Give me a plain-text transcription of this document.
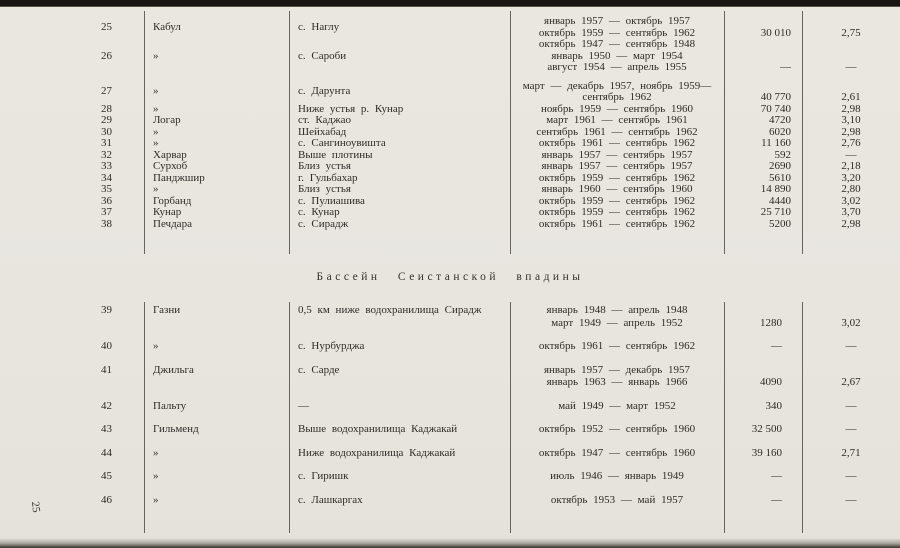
25	Кабул	с. Наглу	январь 1957 — октябрь 1957
октябрь 1959 — сентябрь 1962	30 010	2,75
26	»	с. Сароби
октябрь 1947 — сентябрь 1948
январь 1950 — март 1954
август 1954 — апрель 1955	—	—
27	»	с. Дарунта	март — декабрь 1957, ноябрь 1959—
сентябрь 1962	40 770	2,61
28	»	Ниже устья р. Кунар	ноябрь 1959 — сентябрь 1960	70 740	2,98
29	Логар	ст. Каджао	март 1961 — сентябрь 1961	4720	3,10
30	»	Шейхабад	сентябрь 1961 — сентябрь 1962	6020	2,98
31	»	с. Сангиноувишта	октябрь 1961 — сентябрь 1962	11 160	2,76
32	Харвар	Выше плотины	январь 1957 — сентябрь 1957	592	—
33	Сурхоб	Близ устья	январь 1957 — сентябрь 1957	2690	2,18
34	Панджшир	г. Гульбахар	октябрь 1959 — сентябрь 1962	5610	3,20
35	»	Близ устья	январь 1960 — сентябрь 1960	14 890	2,80
36	Горбанд	с. Пулиашива	октябрь 1959 — сентябрь 1962	4440	3,02
37	Кунар	с. Кунар	октябрь 1959 — сентябрь 1962	25 710	3,70
38	Печдара	с. Сирадж	октябрь 1961 — сентябрь 1962	5200	2,98
Бассейн Сеистанской впадины
39	Газни	0,5 км ниже водохранилища Сирадж	январь 1948 — апрель 1948
март 1949 — апрель 1952	1280	3,02
40	»	с. Нурбурджа	октябрь 1961 — сентябрь 1962	—	—
41	Джильга	с. Сарде	январь 1957 — декабрь 1957
январь 1963 — январь 1966	4090	2,67
42	Пальту	—	май 1949 — март 1952	340	—
43	Гильменд	Выше водохранилища Каджакай	октябрь 1952 — сентябрь 1960	32 500	—
44	»	Ниже водохранилища Каджакай	октябрь 1947 — сентябрь 1960	39 160	2,71
45	»	с. Гиришк	июль 1946 — январь 1949	—	—
46	»	с. Лашкаргах	октябрь 1953 — май 1957	—	—
25
